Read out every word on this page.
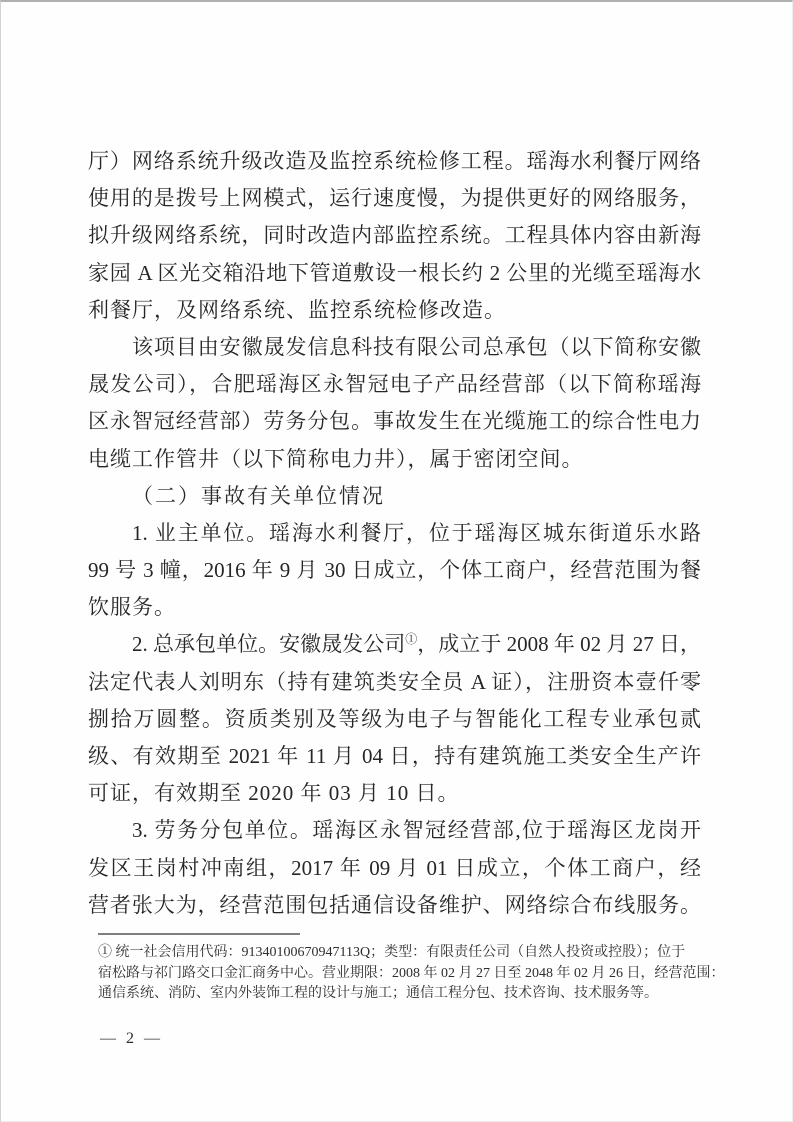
厅）网络系统升级改造及监控系统检修工程。瑶海水利餐厅网络
使用的是拨号上网模式，运行速度慢，为提供更好的网络服务，
拟升级网络系统，同时改造内部监控系统。工程具体内容由新海
家园 A 区光交箱沿地下管道敷设一根长约 2 公里的光缆至瑶海水
利餐厅，及网络系统、监控系统检修改造。
该项目由安徽晟发信息科技有限公司总承包（以下简称安徽
晟发公司），合肥瑶海区永智冠电子产品经营部（以下简称瑶海
区永智冠经营部）劳务分包。事故发生在光缆施工的综合性电力
电缆工作管井（以下简称电力井），属于密闭空间。
（二）事故有关单位情况
1. 业主单位。瑶海水利餐厅，位于瑶海区城东街道乐水路
99 号 3 幢，2016 年 9 月 30 日成立，个体工商户，经营范围为餐
饮服务。
2. 总承包单位。安徽晟发公司①，成立于 2008 年 02 月 27 日，
法定代表人刘明东（持有建筑类安全员 A 证），注册资本壹仟零
捌拾万圆整。资质类别及等级为电子与智能化工程专业承包贰
级、有效期至 2021 年 11 月 04 日，持有建筑施工类安全生产许
可证，有效期至 2020 年 03 月 10 日。
3. 劳务分包单位。瑶海区永智冠经营部,位于瑶海区龙岗开
发区王岗村冲南组，2017 年 09 月 01 日成立，个体工商户，经
营者张大为，经营范围包括通信设备维护、网络综合布线服务。
① 统一社会信用代码：91340100670947113Q；类型：有限责任公司（自然人投资或控股）；位于
宿松路与祁门路交口金汇商务中心。营业期限：2008 年 02 月 27 日至 2048 年 02 月 26 日，经营范围：
通信系统、消防、室内外装饰工程的设计与施工；通信工程分包、技术咨询、技术服务等。
— 2 —
